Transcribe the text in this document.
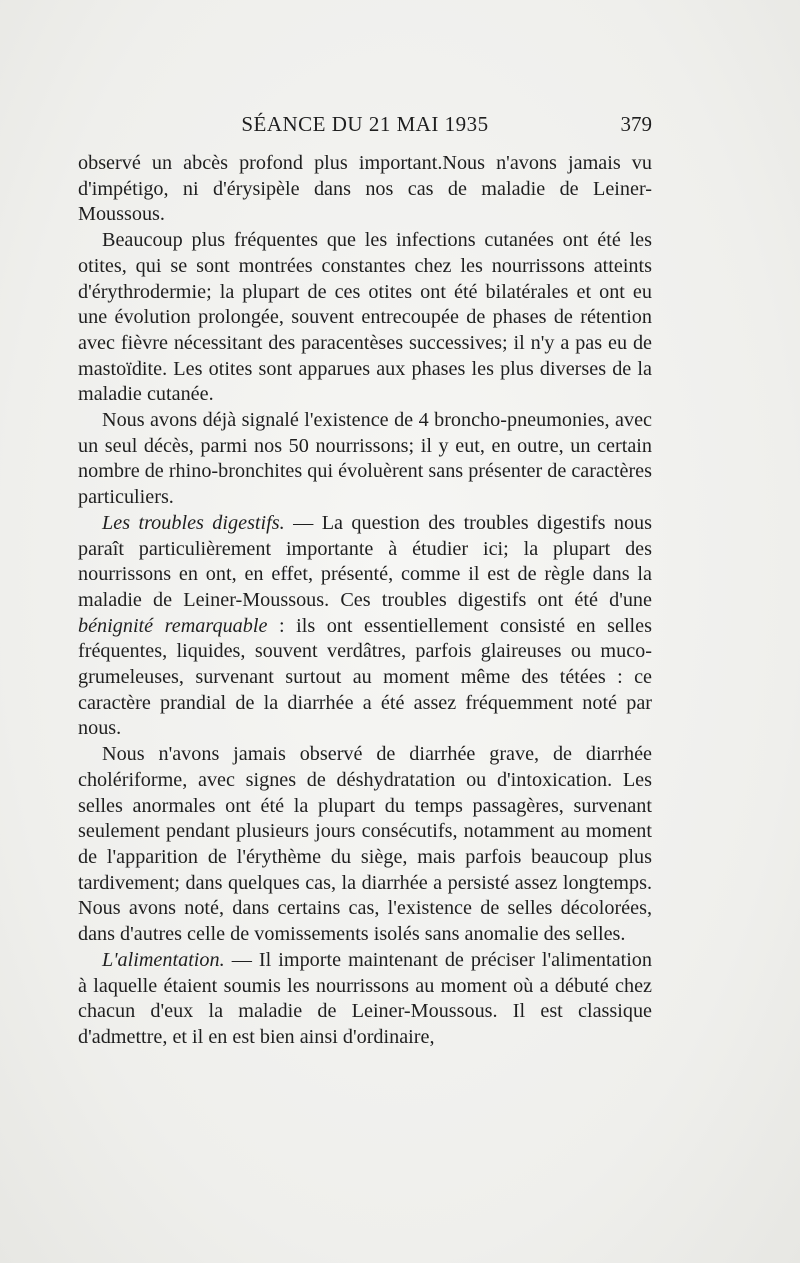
SÉANCE DU 21 MAI 1935	379

observé un abcès profond plus important.Nous n'avons jamais vu d'impétigo, ni d'érysipèle dans nos cas de maladie de Leiner-Moussous.

Beaucoup plus fréquentes que les infections cutanées ont été les otites, qui se sont montrées constantes chez les nourrissons atteints d'érythrodermie; la plupart de ces otites ont été bilatérales et ont eu une évolution prolongée, souvent entrecoupée de phases de rétention avec fièvre nécessitant des paracentèses successives; il n'y a pas eu de mastoïdite. Les otites sont apparues aux phases les plus diverses de la maladie cutanée.

Nous avons déjà signalé l'existence de 4 broncho-pneumonies, avec un seul décès, parmi nos 50 nourrissons; il y eut, en outre, un certain nombre de rhino-bronchites qui évoluèrent sans présenter de caractères particuliers.

Les troubles digestifs. — La question des troubles digestifs nous paraît particulièrement importante à étudier ici; la plupart des nourrissons en ont, en effet, présenté, comme il est de règle dans la maladie de Leiner-Moussous. Ces troubles digestifs ont été d'une bénignité remarquable : ils ont essentiellement consisté en selles fréquentes, liquides, souvent verdâtres, parfois glaireuses ou muco-grumeleuses, survenant surtout au moment même des tétées : ce caractère prandial de la diarrhée a été assez fréquemment noté par nous.

Nous n'avons jamais observé de diarrhée grave, de diarrhée cholériforme, avec signes de déshydratation ou d'intoxication. Les selles anormales ont été la plupart du temps passagères, survenant seulement pendant plusieurs jours consécutifs, notamment au moment de l'apparition de l'érythème du siège, mais parfois beaucoup plus tardivement; dans quelques cas, la diarrhée a persisté assez longtemps. Nous avons noté, dans certains cas, l'existence de selles décolorées, dans d'autres celle de vomissements isolés sans anomalie des selles.

L'alimentation. — Il importe maintenant de préciser l'alimentation à laquelle étaient soumis les nourrissons au moment où a débuté chez chacun d'eux la maladie de Leiner-Moussous. Il est classique d'admettre, et il en est bien ainsi d'ordinaire,
